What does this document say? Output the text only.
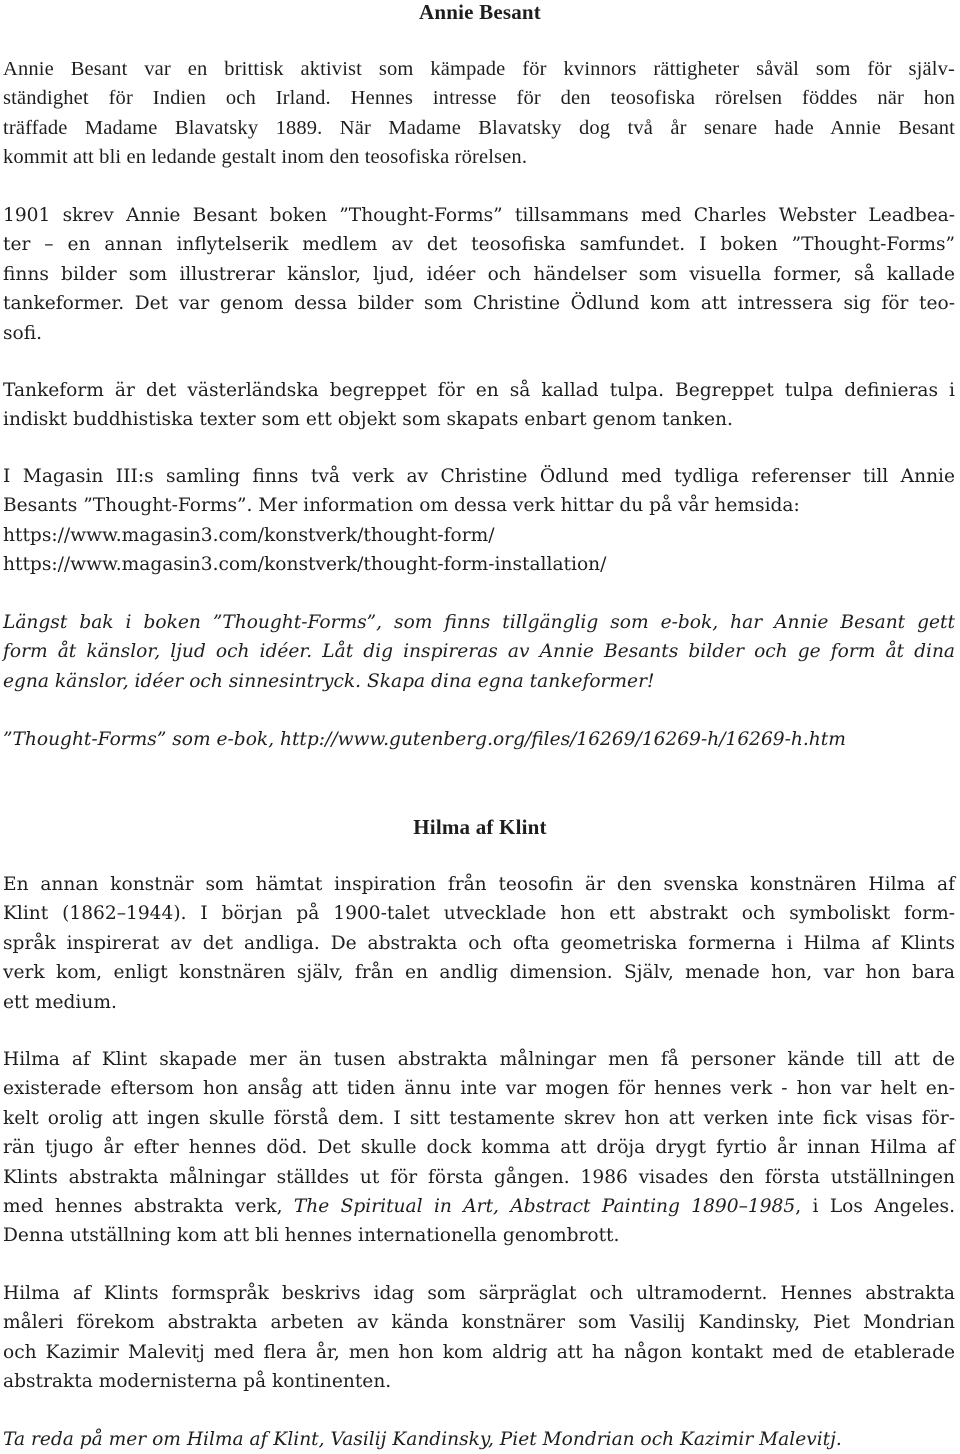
Annie Besant
Annie Besant var en brittisk aktivist som kämpade för kvinnors rättigheter såväl som för själv-
ständighet för Indien och Irland. Hennes intresse för den teosofiska rörelsen föddes när hon
träffade Madame Blavatsky 1889. När Madame Blavatsky dog två år senare hade Annie Besant
kommit att bli en ledande gestalt inom den teosofiska rörelsen.
1901 skrev Annie Besant boken ”Thought-Forms” tillsammans med Charles Webster Leadbea-
ter – en annan inflytelserik medlem av det teosofiska samfundet. I boken ”Thought-Forms”
finns bilder som illustrerar känslor, ljud, idéer och händelser som visuella former, så kallade
tankeformer. Det var genom dessa bilder som Christine Ödlund kom att intressera sig för teo-
sofi.
Tankeform är det västerländska begreppet för en så kallad tulpa. Begreppet tulpa definieras i
indiskt buddhistiska texter som ett objekt som skapats enbart genom tanken.
I Magasin III:s samling finns två verk av Christine Ödlund med tydliga referenser till Annie
Besants ”Thought-Forms”. Mer information om dessa verk hittar du på vår hemsida:
https://www.magasin3.com/konstverk/thought-form/
https://www.magasin3.com/konstverk/thought-form-installation/
Längst bak i boken ”Thought-Forms”, som finns tillgänglig som e-bok, har Annie Besant gett
form åt känslor, ljud och idéer. Låt dig inspireras av Annie Besants bilder och ge form åt dina
egna känslor, idéer och sinnesintryck. Skapa dina egna tankeformer!
”Thought-Forms” som e-bok, http://www.gutenberg.org/files/16269/16269-h/16269-h.htm
Hilma af Klint
En annan konstnär som hämtat inspiration från teosofin är den svenska konstnären Hilma af
Klint (1862–1944). I början på 1900-talet utvecklade hon ett abstrakt och symboliskt form-
språk inspirerat av det andliga. De abstrakta och ofta geometriska formerna i Hilma af Klints
verk kom, enligt konstnären själv, från en andlig dimension. Själv, menade hon, var hon bara
ett medium.
Hilma af Klint skapade mer än tusen abstrakta målningar men få personer kände till att de
existerade eftersom hon ansåg att tiden ännu inte var mogen för hennes verk - hon var helt en-
kelt orolig att ingen skulle förstå dem. I sitt testamente skrev hon att verken inte fick visas för-
rän tjugo år efter hennes död. Det skulle dock komma att dröja drygt fyrtio år innan Hilma af
Klints abstrakta målningar ställdes ut för första gången. 1986 visades den första utställningen
med hennes abstrakta verk, The Spiritual in Art, Abstract Painting 1890–1985, i Los Angeles.
Denna utställning kom att bli hennes internationella genombrott.
Hilma af Klints formspråk beskrivs idag som särpräglat och ultramodernt. Hennes abstrakta
måleri förekom abstrakta arbeten av kända konstnärer som Vasilij Kandinsky, Piet Mondrian
och Kazimir Malevitj med flera år, men hon kom aldrig att ha någon kontakt med de etablerade
abstrakta modernisterna på kontinenten.
Ta reda på mer om Hilma af Klint, Vasilij Kandinsky, Piet Mondrian och Kazimir Malevitj.
